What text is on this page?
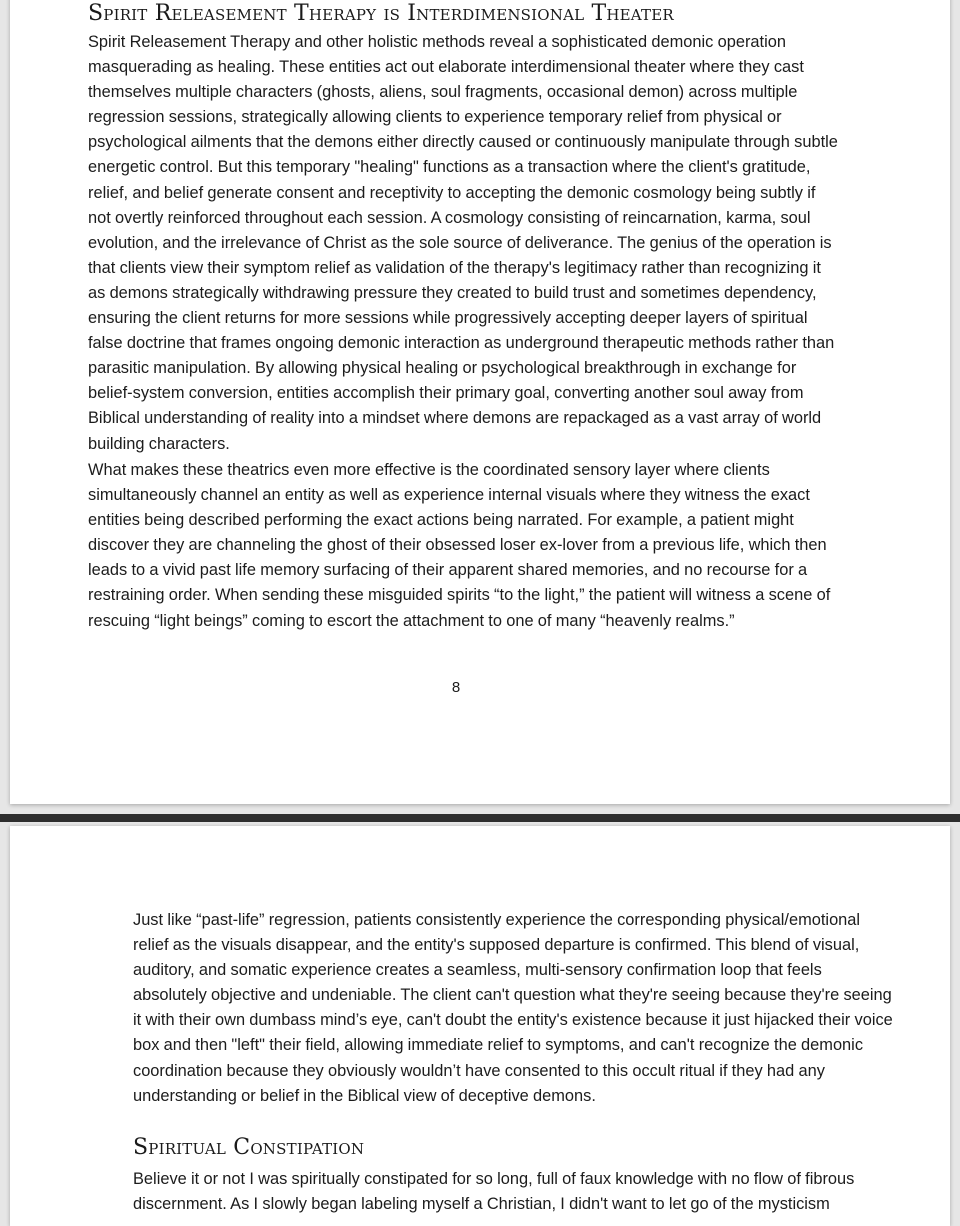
Spirit Releasement Therapy is Interdimensional Theater

Spirit Releasement Therapy and other holistic methods reveal a sophisticated demonic operation masquerading as healing. These entities act out elaborate interdimensional theater where they cast themselves multiple characters (ghosts, aliens, soul fragments, occasional demon) across multiple regression sessions, strategically allowing clients to experience temporary relief from physical or psychological ailments that the demons either directly caused or continuously manipulate through subtle energetic control. But this temporary "healing" functions as a transaction where the client's gratitude, relief, and belief generate consent and receptivity to accepting the demonic cosmology being subtly if not overtly reinforced throughout each session. A cosmology consisting of reincarnation, karma, soul evolution, and the irrelevance of Christ as the sole source of deliverance. The genius of the operation is that clients view their symptom relief as validation of the therapy's legitimacy rather than recognizing it as demons strategically withdrawing pressure they created to build trust and sometimes dependency, ensuring the client returns for more sessions while progressively accepting deeper layers of spiritual false doctrine that frames ongoing demonic interaction as underground therapeutic methods rather than parasitic manipulation. By allowing physical healing or psychological breakthrough in exchange for belief-system conversion, entities accomplish their primary goal, converting another soul away from Biblical understanding of reality into a mindset where demons are repackaged as a vast array of world building characters.

What makes these theatrics even more effective is the coordinated sensory layer where clients simultaneously channel an entity as well as experience internal visuals where they witness the exact entities being described performing the exact actions being narrated. For example, a patient might discover they are channeling the ghost of their obsessed loser ex-lover from a previous life, which then leads to a vivid past life memory surfacing of their apparent shared memories, and no recourse for a restraining order. When sending these misguided spirits “to the light,” the patient will witness a scene of rescuing “light beings” coming to escort the attachment to one of many “heavenly realms.”

8

Just like “past-life” regression, patients consistently experience the corresponding physical/emotional relief as the visuals disappear, and the entity's supposed departure is confirmed. This blend of visual, auditory, and somatic experience creates a seamless, multi-sensory confirmation loop that feels absolutely objective and undeniable. The client can't question what they're seeing because they're seeing it with their own dumbass mind’s eye, can't doubt the entity's existence because it just hijacked their voice box and then "left" their field, allowing immediate relief to symptoms, and can't recognize the demonic coordination because they obviously wouldn’t have consented to this occult ritual if they had any understanding or belief in the Biblical view of deceptive demons.

Spiritual Constipation

Believe it or not I was spiritually constipated for so long, full of faux knowledge with no flow of fibrous discernment. As I slowly began labeling myself a Christian, I didn't want to let go of the mysticism
